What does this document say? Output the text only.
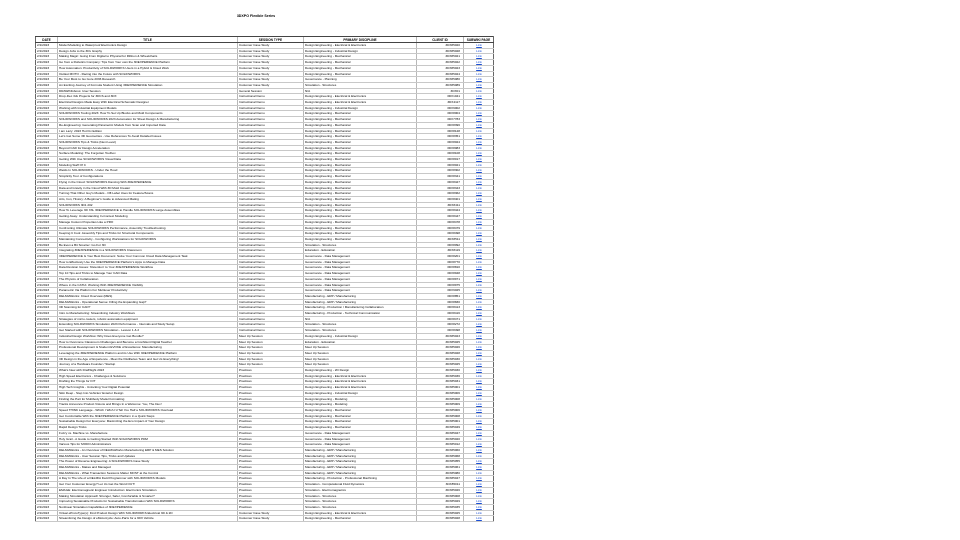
3DXPO Flexible Series
DATE	TITLE	SESSION TYPE	PRIMARY DISCIPLINE	CLIENT ID	SUBWIKI PAGE
2/1/2023	Model Modeling to Waterproof Electronics Design	Customer Case Study	Design Engineering - Electrical & Electronics	3DX85020	Link
2/1/2023	Design Jobs to the 3Dx Graphy	Customer Case Study	Design Engineering - Industrial Design	3DX85028	Link
2/1/2023	Making Magic: Going From Digital to Physical for Ribbon & Wheelchairs	Customer Case Study	Design Engineering - Mechanical	3DX85021	Link
2/1/2023	Go from a Robotics Company: Tips from Your own the 3DEXPERIENCE Platform	Customer Case Study	Design Engineering - Mechanical	3DX85022	Link
2/1/2023	How Automation: Productivity of SOLIDWORKS Users in a Hybrid & Cloud Work	Customer Case Study	Design Engineering - Mechanical	3DX85023	Link
2/1/2023	Outlast MOTO - Racing into the Future with SOLIDWORKS	Customer Case Study	Design Engineering - Mechanical	3DX85024	Link
2/1/2023	Be Your Most to Go Gore 2036 Research	Customer Case Study	Governance - Planning	3DX85080	Link
2/1/2023	An Exciting Journey of Formula Student Using 3DEXPERIENCE Simulation	Customer Case Study	Simulation - Structures	3DX85089	Link
2/1/2023	DRAWINGboss: User Session	General Session	N/A	3DX01	Link
2/1/2023	Drop-Dec 3dx Projects for 3DCS and 3DX	Instructional Demo	Design Engineering - Electrical & Electronics	3DX1041	Link
2/1/2023	Electrical Designs Made Easy With Electrical Schematic Designer	Instructional Demo	Design Engineering - Electrical & Electronics	3DX4117	Link
2/1/2023	Working with Industrial Equipment Models	Instructional Demo	Design Engineering - Industrial Design	3DX9002	Link
2/1/2023	SOLIDWORKS Tooling 2023: How To Set Up Blocks and Mold Components	Instructional Demo	Design Engineering - Mechanical	3DX8004	Link
2/1/2023	SOLIDWORKS and SOLIDWORKS 2023 Automation for Sheet Design & Manufacturing	Instructional Demo	Design Engineering - Mechanical	3DX7783	Link
2/1/2023	Re-Engineering: Generating Parametric Models from Scan and Imported Data	Instructional Demo	Design Engineering - Mechanical	3DX8396	Link
2/1/2023	I am Lazy: 2023 Hot Fix Edition	Instructional Demo	Design Engineering - Mechanical	3DX8128	Link
2/1/2023	Let's Get Some 3D Geometries - Use References To Avoid Detailed Issues	Instructional Demo	Design Engineering - Mechanical	3DX8351	Link
2/1/2023	SOLIDWORKS Tips & Tricks (Next Level)	Instructional Demo	Design Engineering - Mechanical	3DX8024	Link
2/1/2023	Beyond CAD for Design Acceleration	Instructional Demo	Design Engineering - Mechanical	3DX8083	Link
2/1/2023	Surface Modeling: The Forgotten Toolbox	Instructional Demo	Design Engineering - Mechanical	3DX8108	Link
2/1/2023	Getting With Use SOLIDWORKS Visual Data	Instructional Demo	Design Engineering - Mechanical	3DX8017	Link
2/1/2023	Modeling Staff Of C	Instructional Demo	Design Engineering - Mechanical	3DX8021	Link
2/1/2023	Welds In SOLIDWORKS - Under the Hood	Instructional Demo	Design Engineering - Mechanical	3DX8302	Link
2/1/2023	Simplicity Tour of Configurations	Instructional Demo	Design Engineering - Mechanical	3DX8341	Link
2/1/2023	Flying in the Cloud: SOLIDWORKS Dancing With 3DEXPERIENCE	Instructional Demo	Design Engineering - Mechanical	3DX8427	Link
2/1/2023	Data and Gravity in the Cloud With 3D Mold Creator	Instructional Demo	Design Engineering - Mechanical	3DX8343	Link
2/1/2023	Turning That Other Guy's Models - Off-Label Uses for Feature/Scans	Instructional Demo	Design Engineering - Mechanical	3DX8362	Link
2/1/2023	Arts, Iron, History: A Beginner's Guide to Advanced Mating	Instructional Demo	Design Engineering - Mechanical	3DX8401	Link
2/1/2023	SOLIDWORKS 3D1 202	Instructional Demo	Design Engineering - Mechanical	3DX8411	Link
2/1/2023	How To Leverage 3D X3L 3DEXPERIENCE to Handle SOLIDWORKS Large Assemblies	Instructional Demo	Design Engineering - Mechanical	3DX8424	Link
2/1/2023	Getting Away: Understanding In-Context Modeling	Instructional Demo	Design Engineering - Mechanical	3DX8447	Link
2/1/2023	Manage Custom Properties Like a PRO	Instructional Demo	Design Engineering - Mechanical	3DX8478	Link
2/1/2023	Confronting Ultimate SOLIDWORKS Performance, Assembly Troubleshooting	Instructional Demo	Design Engineering - Mechanical	3DX8479	Link
2/1/2023	Keeping It Cool: Assembly Tips and Tricks for Structural Components	Instructional Demo	Design Engineering - Mechanical	3DX8498	Link
2/1/2023	Maintaining Connectivity - Configuring Workstations for SOLIDWORKS	Instructional Demo	Design Engineering - Mechanical	3DX8511	Link
2/1/2023	Be Even a Bit Smarter: Go For 3D	Instructional Demo	Simulation - Structures	3DX8092	Link
2/1/2023	Integrating 3DEXPERIENCE in a SOLIDWORKS Classroom	Instructional Demo	Education - Education	3DX8119	Link
2/1/2023	3DEXPERIENCE Is Your Best Document: Solve Your Common Cloud Data Management Task	Instructional Demo	Governance - Data Management	3DX8201	Link
2/1/2023	How to Effectively Use the 3DEXPERIENCE Platform's Apps to Manage Data	Instructional Demo	Governance - Data Management	3DX8770	Link
2/1/2023	Data Revision Issues: 'Retention' to Your 3DEXPERIENCE Workflow	Instructional Demo	Governance - Data Management	3DX8810	Link
2/1/2023	Top 10 Tips and Tricks to Manage Your CAD Data	Instructional Demo	Governance - Data Management	3DX8948	Link
2/1/2023	The Physics of Collaboration	Instructional Demo	Governance - Data Management	3DX8971	Link
2/1/2023	Where in the CATIA: Working With 3DEXPERIENCE Visibility	Instructional Demo	Governance - Data Management	3DX8975	Link
2/1/2023	Parametric Via Platform For Multiuser Productivity	Instructional Demo	Governance - Data Management	3DX9025	Link
2/1/2023	DELMIAWorks: Cloud Overview (MES)	Instructional Demo	Manufacturing - ERP / Manufacturing	3DX8851	Link
2/1/2023	DELMIAWorks - Operational Sense: Filling the Expanding Gap?	Instructional Demo	Manufacturing - ERP / Manufacturing	3DX8830	Link
2/1/2023	3D Scanning for CAD?	Instructional Demo	Manufacturing - Production / Manufacturing Collaboration	3DX8413	Link
2/1/2023	Intro to Manufacturing: Streamlining Industry Workflows	Instructional Demo	Manufacturing - Production - Technical Communication	3DX8416	Link
2/1/2023	Strategies of micro-routers, robotic automation equipment	Instructional Demo	N/A	3DX8471	Link
2/1/2023	Extending SOLIDWORKS Simulation 2023 Performance - Intervals and Study Setup	Instructional Demo	Simulation - Structures	3DX8272	Link
2/1/2023	Get Started with SOLIDWORKS Simulation - Lesson 1 & 2	Instructional Demo	Simulation - Structures	3DX8498	Link
2/1/2023	Industrial Design Workflow: Why Does Everyone Get Bundle?	Meet Up Session	Design Engineering - Industrial Design	3DX85023	Link
2/1/2023	How to Overcome Classroom Challenges and Become a Confident Digital Teacher	Meet Up Session	Education - Education	3DX85025	Link
2/1/2023	Professional Development & Student EVOKE of Excellence: Manufacturing	Meet Up Session	Meet Up Session	3DX85026	Link
2/1/2023	Leveraging the 3DEXPERIENCE Platform and its Use With 3DEXPERIENCE Platform	Meet Up Session	Meet Up Session	3DX85028	Link
2/1/2023	3D Design in the Age of Experience - Meet the Distilleries Team and Get Us Everything!	Meet Up Session	Meet Up Session	3DX85030	Link
2/1/2023	Journey of a Hardware Founder / Startup	Meet Up Session	Meet Up Session	3DX85025	Link
2/1/2023	What's New with DraftSight 2023	Practices	Design Engineering - 2D Design	3DX85030	Link
2/1/2023	High Speed Electronics - Challenges & Solutions	Practices	Design Engineering - Electrical & Electronics	3DX85036	Link
2/1/2023	Drafting the Things for IOT	Practices	Design Engineering - Electrical & Electronics	3DX85031	Link
2/1/2023	High Tech Insights - Unlocking Your Digital Potential	Practices	Design Engineering - Electrical & Electronics	3DX85001	Link
2/1/2023	Skin Deep - Step Into Vehicles' Exterior Design	Practices	Design Engineering - Industrial Design	3DX85006	Link
2/1/2023	Finding the Part for Multibody Model Formatting	Practices	Design Engineering - Modeling	3DX85008	Link
2/1/2023	Tracks Announce Product Visions and Brings In a Welcome: You, The Dev!	Practices	Design Engineering - Modeling	3DX85009	Link
2/1/2023	Speed THINK Language - Which I Wish I'd Tell You Half a SOLIDWORKS Overload	Practices	Design Engineering - Mechanical	3DX85006	Link
2/1/2023	Get Comfortable With the 3DEXPERIENCE Platform in a Quick Steps	Practices	Design Engineering - Mechanical	3DX85008	Link
2/1/2023	Sustainable Design For Everyone: Maximizing the Eco Impact of Your Design	Practices	Design Engineering - Mechanical	3DX85001	Link
2/1/2023	Rapid Design Tricks	Practices	Design Engineering - Mechanical	3DX85049	Link
2/1/2023	Fuzzy vs. Machine vs. Manufacture	Practices	Governance - Data Management	3DX85047	Link
2/1/2023	Holy Grail - A Guide to Getting Started With SOLIDWORKS PDM	Practices	Governance - Data Management	3DX85020	Link
2/1/2023	Various Tips for MODO Administrators	Practices	Governance - Data Management	3DX85012	Link
2/1/2023	DELMIAWorks - An Overview of DELMIAWorks Manufacturing ERP & MES Solution	Practices	Manufacturing - ERP / Manufacturing	3DX85060	Link
2/1/2023	DELMIAWorks - User Session Tips, Tricks and Updates	Practices	Manufacturing - ERP / Manufacturing	3DX85068	Link
2/1/2023	The Power of Reverse Engineering: A SOLIDWORKS Case Study	Practices	Manufacturing - ERP / Manufacturing	3DX85055	Link
2/1/2023	DELMIAWorks - Makes and Managed	Practices	Manufacturing - ERP / Manufacturing	3DX85061	Link
2/1/2023	DELMIAWorks - What Transaction Sessions Matter MOST at the Control	Practices	Manufacturing - ERP / Manufacturing	3DX85080	Link
2/1/2023	A Day In The Life of a DELMIA Field Programmer with SOLIDWORKS Models	Practices	Manufacturing - Production - Professional Machining	3DX85047	Link
2/1/2023	Get Your Customer Energy? Let Us Get the Word OUT!	Practices	Simulation - Computational Fluid Dynamics	3DX85011	Link
2/1/2023	EMAGE: Electromagnetic Engineer Introduction: Electronics Simulation	Practices	Simulation - Electromagnetics	3DX85026	Link
2/1/2023	Making Simulation Approach Stronger, Safer, Comfortable & Smarter?	Practices	Simulation - Structures	3DX85008	Link
2/1/2023	Improving Sustainable Products for Sustainable Transformation With SOLIDWORKS	Practices	Simulation - Structures	3DX85029	Link
2/1/2023	Nonlinear Simulation Capabilities of 3DEXPERIENCE	Practices	Simulation - Structures	3DX85035	Link
2/1/2023	Virtual eProtoType(s): Find Product Design With SOLIDWORKS Electrical 3D & 2D	Customer Case Study	Design Engineering - Electrical & Electronics	3DX85025	Link
2/1/2023	Streamlining the Design of eMotorcycle: Auto-Parts for a 3DX Vehicle	Customer Case Study	Design Engineering - Mechanical	3DX85028	Link
